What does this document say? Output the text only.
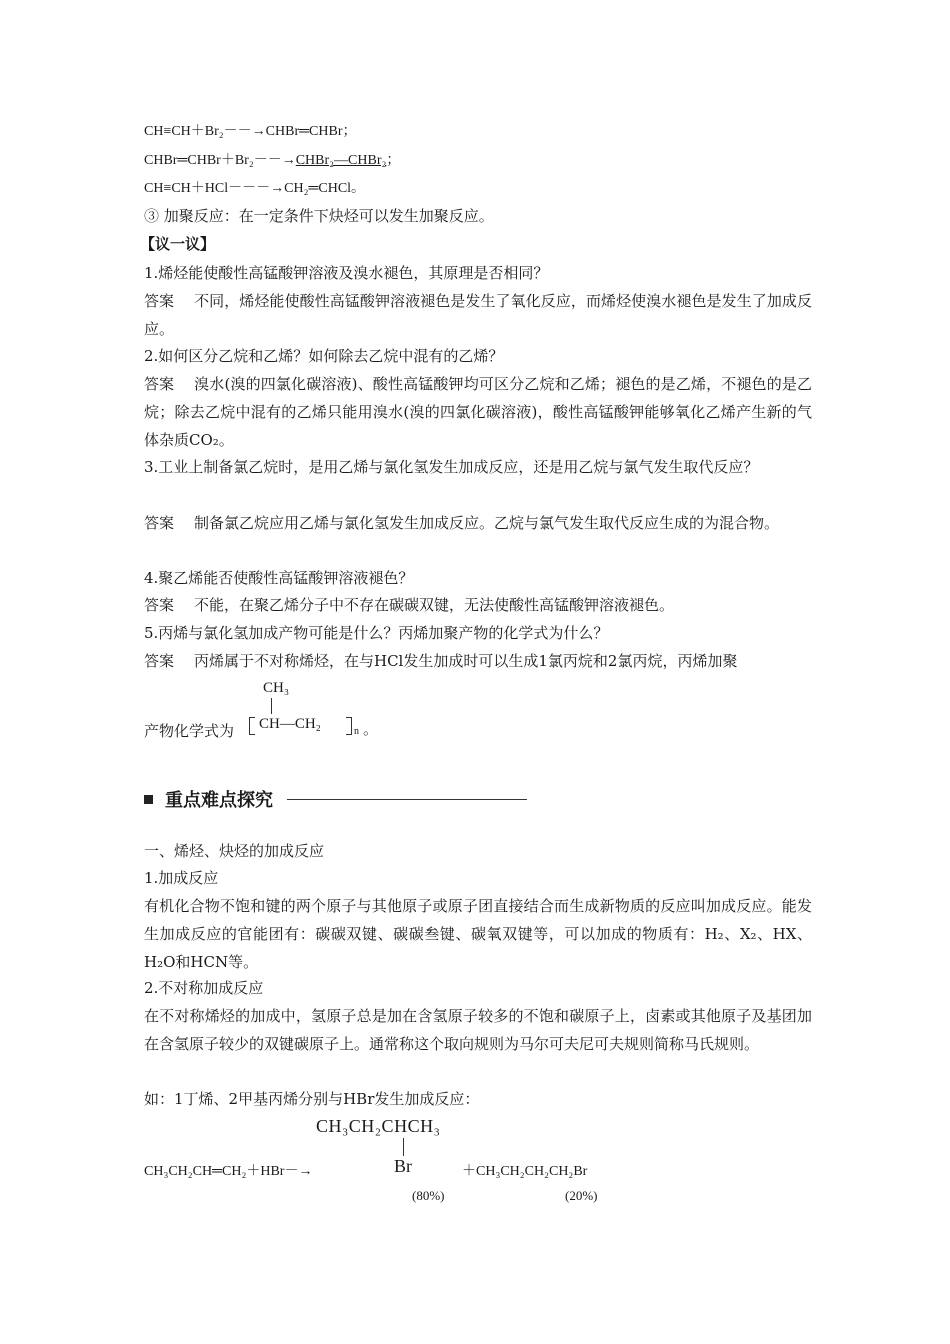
CH≡CH＋Br₂－－→CHBr═CHBr；
CHBr═CHBr＋Br₂－－→CHBr₂—CHBr₂；
CH≡CH＋HCl－－－→CH₂═CHCl。
③ 加聚反应：在一定条件下炔烃可以发生加聚反应。
【议一议】
1.烯烃能使酸性高锰酸钾溶液及溴水褪色，其原理是否相同？
答案 不同，烯烃能使酸性高锰酸钾溶液褪色是发生了氧化反应，而烯烃使溴水褪色是发生了加成反应。
2.如何区分乙烷和乙烯？如何除去乙烷中混有的乙烯？
答案 溴水(溴的四氯化碳溶液)、酸性高锰酸钾均可区分乙烷和乙烯；褪色的是乙烯，不褪色的是乙烷；除去乙烷中混有的乙烯只能用溴水(溴的四氯化碳溶液)，酸性高锰酸钾能够氧化乙烯产生新的气体杂质CO₂。
3.工业上制备氯乙烷时，是用乙烯与氯化氢发生加成反应，还是用乙烷与氯气发生取代反应？
答案 制备氯乙烷应用乙烯与氯化氢发生加成反应。乙烷与氯气发生取代反应生成的为混合物。
4.聚乙烯能否使酸性高锰酸钾溶液褪色？
答案 不能，在聚乙烯分子中不存在碳碳双键，无法使酸性高锰酸钾溶液褪色。
5.丙烯与氯化氢加成产物可能是什么？丙烯加聚产物的化学式为什么？
答案 丙烯属于不对称烯烃，在与HCl发生加成时可以生成1氯丙烷和2氯丙烷，丙烯加聚
产物化学式为
CH₃
CH—CH₂	n 。
重点难点探究
一、烯烃、炔烃的加成反应
1.加成反应
有机化合物不饱和键的两个原子与其他原子或原子团直接结合而生成新物质的反应叫加成反应。能发生加成反应的官能团有：碳碳双键、碳碳叁键、碳氧双键等，可以加成的物质有：H₂、X₂、HX、H₂O和HCN等。
2.不对称加成反应
在不对称烯烃的加成中，氢原子总是加在含氢原子较多的不饱和碳原子上，卤素或其他原子及基团加在含氢原子较少的双键碳原子上。通常称这个取向规则为马尔可夫尼可夫规则简称马氏规则。
如：1丁烯、2甲基丙烯分别与HBr发生加成反应：
CH₃CH₂CHCH₃
CH₃CH₂CH═CH₂＋HBr－→	Br	＋CH₃CH₂CH₂CH₂Br
(80%)	(20%)
